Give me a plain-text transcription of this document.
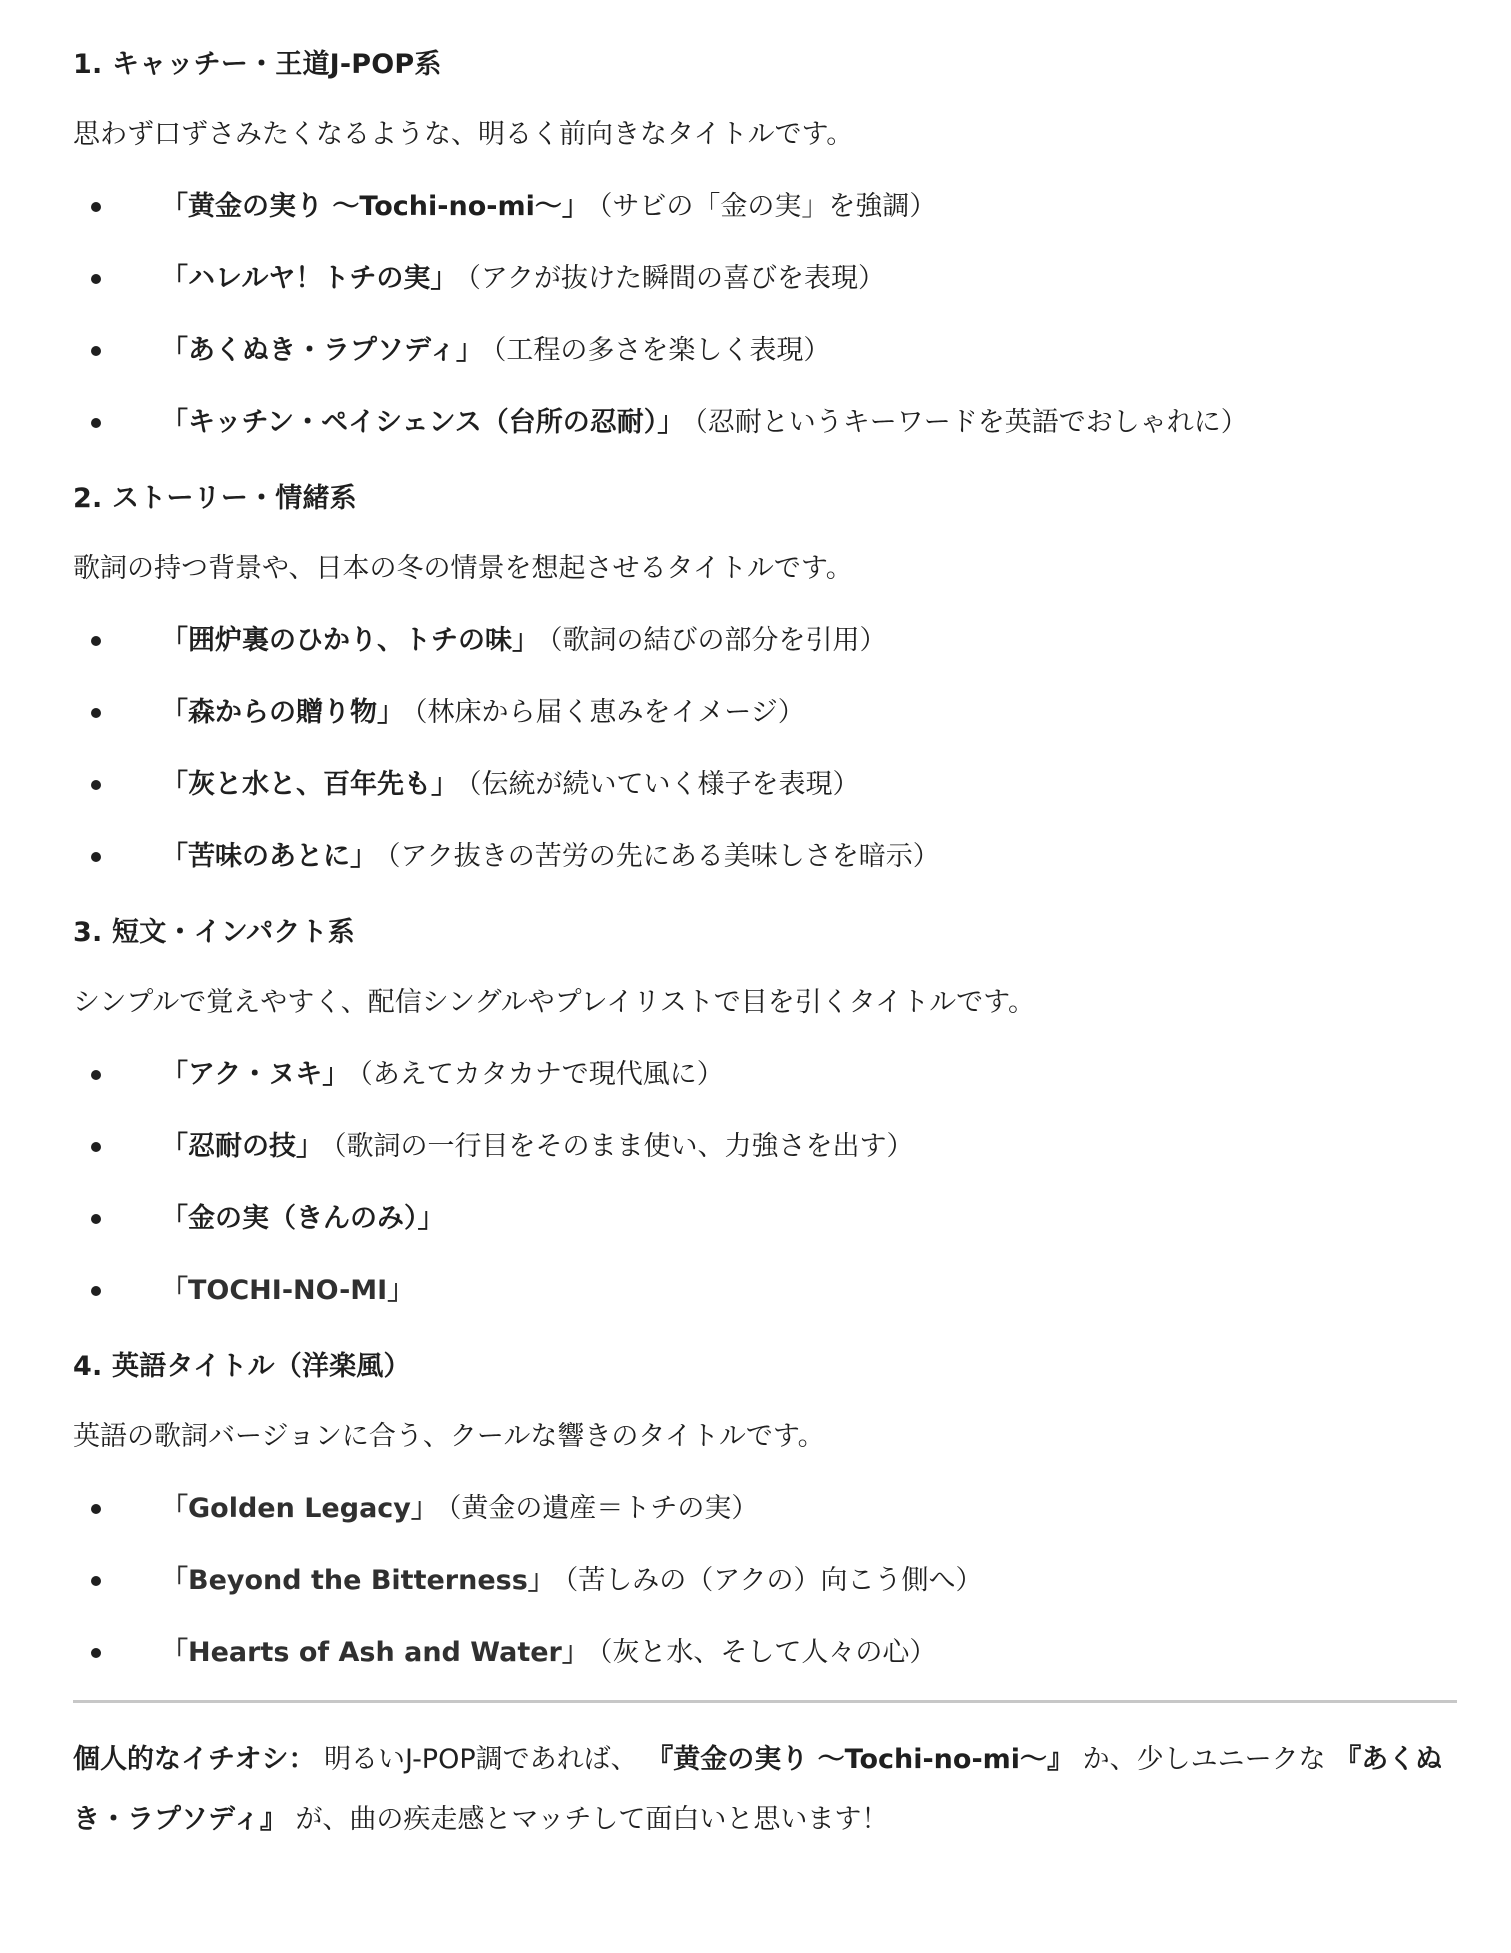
1. キャッチー・王道J-POP系

思わず口ずさみたくなるような、明るく前向きなタイトルです。

「黄金の実り 〜Tochi-no-mi〜」 （サビの「金の実」を強調）
「ハレルヤ！トチの実」 （アクが抜けた瞬間の喜びを表現）
「あくぬき・ラプソディ」 （工程の多さを楽しく表現）
「キッチン・ペイシェンス（台所の忍耐）」 （忍耐というキーワードを英語でおしゃれに）
2. ストーリー・情緒系

歌詞の持つ背景や、日本の冬の情景を想起させるタイトルです。

「囲炉裏のひかり、トチの味」 （歌詞の結びの部分を引用）
「森からの贈り物」 （林床から届く恵みをイメージ）
「灰と水と、百年先も」 （伝統が続いていく様子を表現）
「苦味のあとに」 （アク抜きの苦労の先にある美味しさを暗示）
3. 短文・インパクト系

シンプルで覚えやすく、配信シングルやプレイリストで目を引くタイトルです。

「アク・ヌキ」 （あえてカタカナで現代風に）
「忍耐の技」 （歌詞の一行目をそのまま使い、力強さを出す）
「金の実（きんのみ）」
「TOCHI-NO-MI」
4. 英語タイトル（洋楽風）

英語の歌詞バージョンに合う、クールな響きのタイトルです。

「Golden Legacy」 （黄金の遺産＝トチの実）
「Beyond the Bitterness」 （苦しみの（アクの）向こう側へ）
「Hearts of Ash and Water」 （灰と水、そして人々の心）

個人的なイチオシ： 明るいJ-POP調であれば、 『黄金の実り 〜Tochi-no-mi〜』 か、少しユニークな 『あくぬき・ラプソディ』 が、曲の疾走感とマッチして面白いと思います！
